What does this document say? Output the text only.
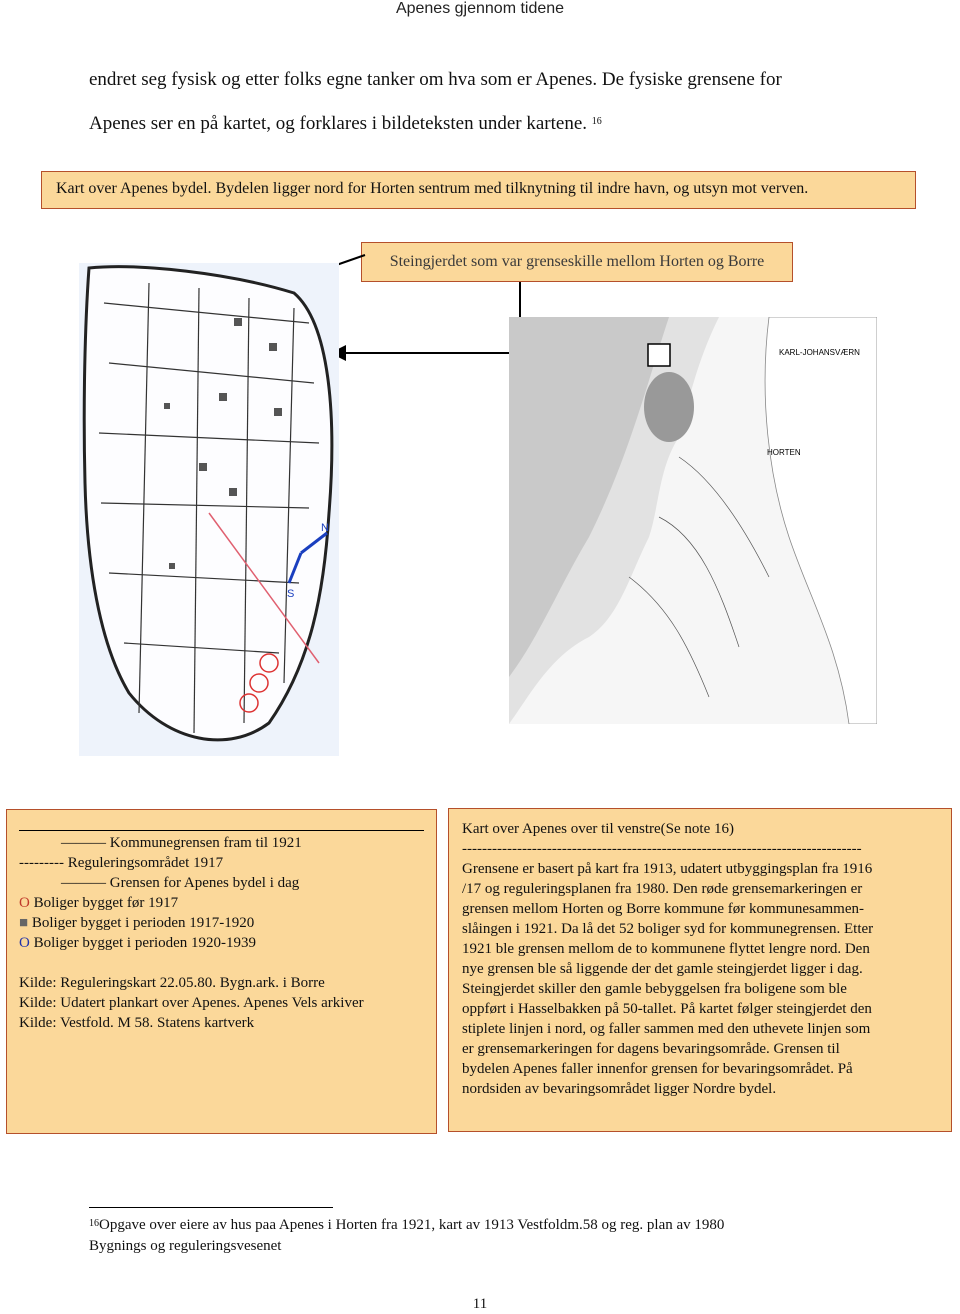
Apenes gjennom tidene

endret seg fysisk og etter folks egne tanker om hva som er Apenes. De fysiske grensene for

Apenes ser en på kartet, og forklares i bildeteksten under kartene. $^{16}$

Kart over Apenes bydel. Bydelen ligger nord for Horten sentrum med tilknytning til indre havn, og utsyn mot verven.
Steingjerdet som var grenseskille mellom Horten og Borre
N
S
KARL-JOHANSVÆRN
HORTEN
——— Kommunegrensen fram til 1921
--------- Reguleringsområdet 1917
——— Grensen for Apenes bydel i dag
O Boliger bygget før 1917
■ Boliger bygget i perioden 1917-1920
O Boliger bygget i perioden 1920-1939
Kilde: Reguleringskart 22.05.80. Bygn.ark. i Borre
Kilde: Udatert plankart over Apenes. Apenes Vels arkiver
Kilde: Vestfold. M 58. Statens kartverk

Kart over Apenes over til venstre(Se note 16)

--------------------------------------------------------------------------------

Grensene er basert på kart fra 1913, udatert utbyggingsplan fra 1916

/17 og reguleringsplanen fra 1980. Den røde grensemarkeringen er

grensen mellom Horten og Borre kommune før kommunesammen-

slåingen i 1921. Da lå det 52 boliger syd for kommunegrensen. Etter

1921 ble grensen mellom de to kommunene flyttet lengre nord. Den

nye grensen ble så liggende der det gamle steingjerdet ligger i dag.

Steingjerdet skiller den gamle bebyggelsen fra boligene som ble

oppført i Hasselbakken på 50-tallet. På kartet følger steingjerdet den

stiplete linjen i nord, og faller sammen med den uthevete linjen som

er grensemarkeringen for dagens bevaringsområde. Grensen til

bydelen Apenes faller innenfor grensen for bevaringsområdet. På

nordsiden av bevaringsområdet ligger Nordre bydel.

$^{16}$Opgave over eiere av hus paa Apenes i Horten fra 1921, kart av 1913 Vestfoldm.58 og reg. plan av 1980
Bygnings og reguleringsvesenet
11
